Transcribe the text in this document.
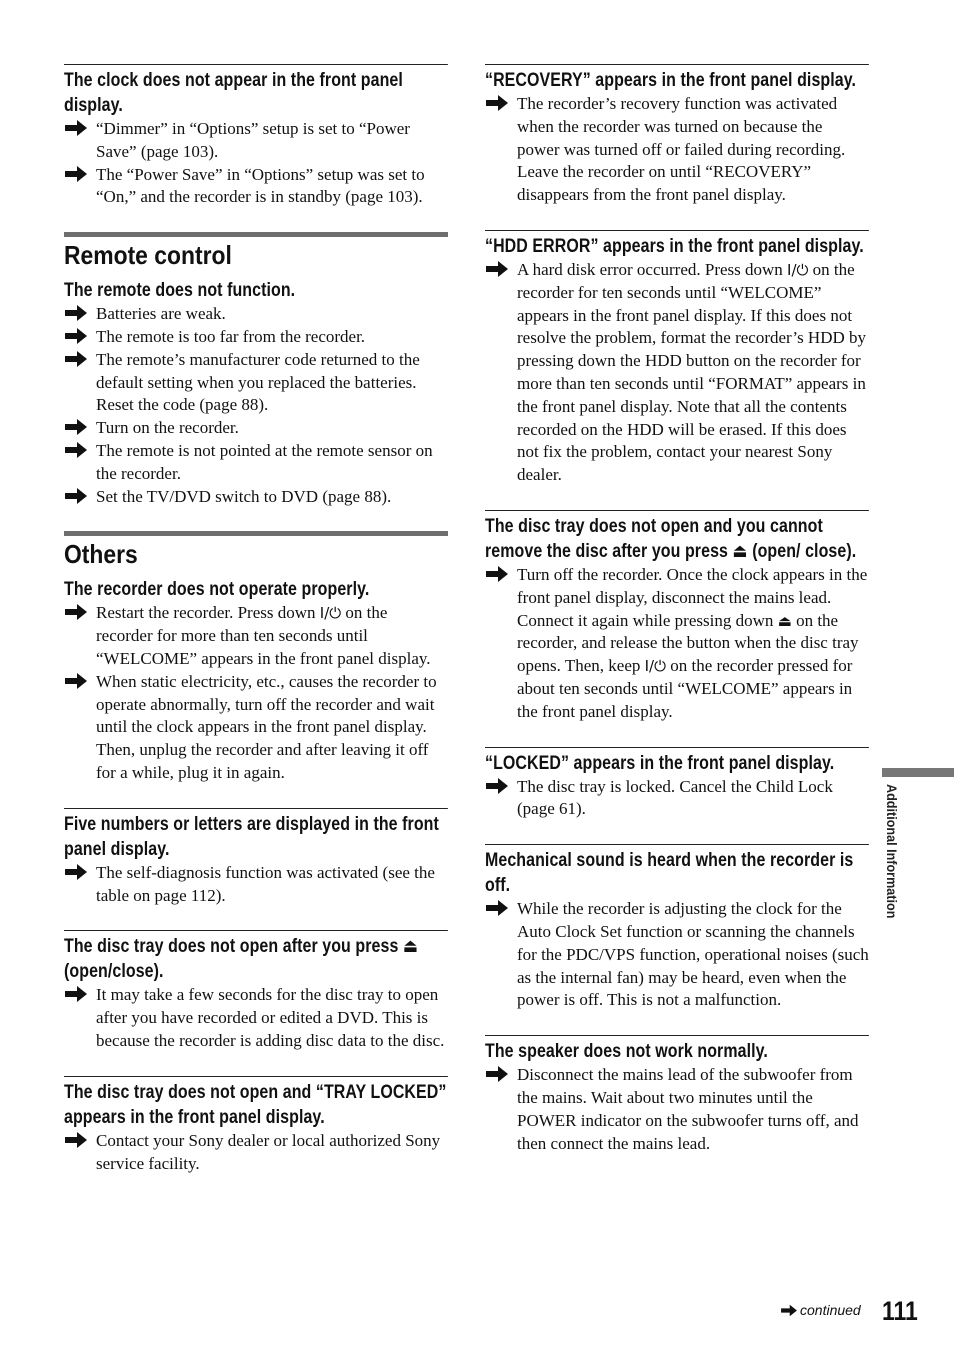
The clock does not appear in the front panel display.
“Dimmer” in “Options” setup is set to “Power Save” (page 103).
The “Power Save” in “Options” setup was set to “On,” and the recorder is in standby (page 103).
Remote control
The remote does not function.
Batteries are weak.
The remote is too far from the recorder.
The remote’s manufacturer code returned to the default setting when you replaced the batteries. Reset the code (page 88).
Turn on the recorder.
The remote is not pointed at the remote sensor on the recorder.
Set the TV/DVD switch to DVD (page 88).
Others
The recorder does not operate properly.
Restart the recorder. Press down I/⏻ on the recorder for more than ten seconds until “WELCOME” appears in the front panel display.
When static electricity, etc., causes the recorder to operate abnormally, turn off the recorder and wait until the clock appears in the front panel display. Then, unplug the recorder and after leaving it off for a while, plug it in again.
Five numbers or letters are displayed in the front panel display.
The self-diagnosis function was activated (see the table on page 112).
The disc tray does not open after you press ⏏ (open/close).
It may take a few seconds for the disc tray to open after you have recorded or edited a DVD. This is because the recorder is adding disc data to the disc.
The disc tray does not open and “TRAY LOCKED” appears in the front panel display.
Contact your Sony dealer or local authorized Sony service facility.
“RECOVERY” appears in the front panel display.
The recorder’s recovery function was activated when the recorder was turned on because the power was turned off or failed during recording. Leave the recorder on until “RECOVERY” disappears from the front panel display.
“HDD ERROR” appears in the front panel display.
A hard disk error occurred. Press down I/⏻ on the recorder for ten seconds until “WELCOME” appears in the front panel display. If this does not resolve the problem, format the recorder’s HDD by pressing down the HDD button on the recorder for more than ten seconds until “FORMAT” appears in the front panel display. Note that all the contents recorded on the HDD will be erased. If this does not fix the problem, contact your nearest Sony dealer.
The disc tray does not open and you cannot remove the disc after you press ⏏ (open/ close).
Turn off the recorder. Once the clock appears in the front panel display, disconnect the mains lead. Connect it again while pressing down ⏏ on the recorder, and release the button when the disc tray opens. Then, keep I/⏻ on the recorder pressed for about ten seconds until “WELCOME” appears in the front panel display.
“LOCKED” appears in the front panel display.
The disc tray is locked. Cancel the Child Lock (page 61).
Mechanical sound is heard when the recorder is off.
While the recorder is adjusting the clock for the Auto Clock Set function or scanning the channels for the PDC/VPS function, operational noises (such as the internal fan) may be heard, even when the power is off. This is not a malfunction.
The speaker does not work normally.
Disconnect the mains lead of the subwoofer from the mains. Wait about two minutes until the POWER indicator on the subwoofer turns off, and then connect the mains lead.
Additional Information
continued 111
